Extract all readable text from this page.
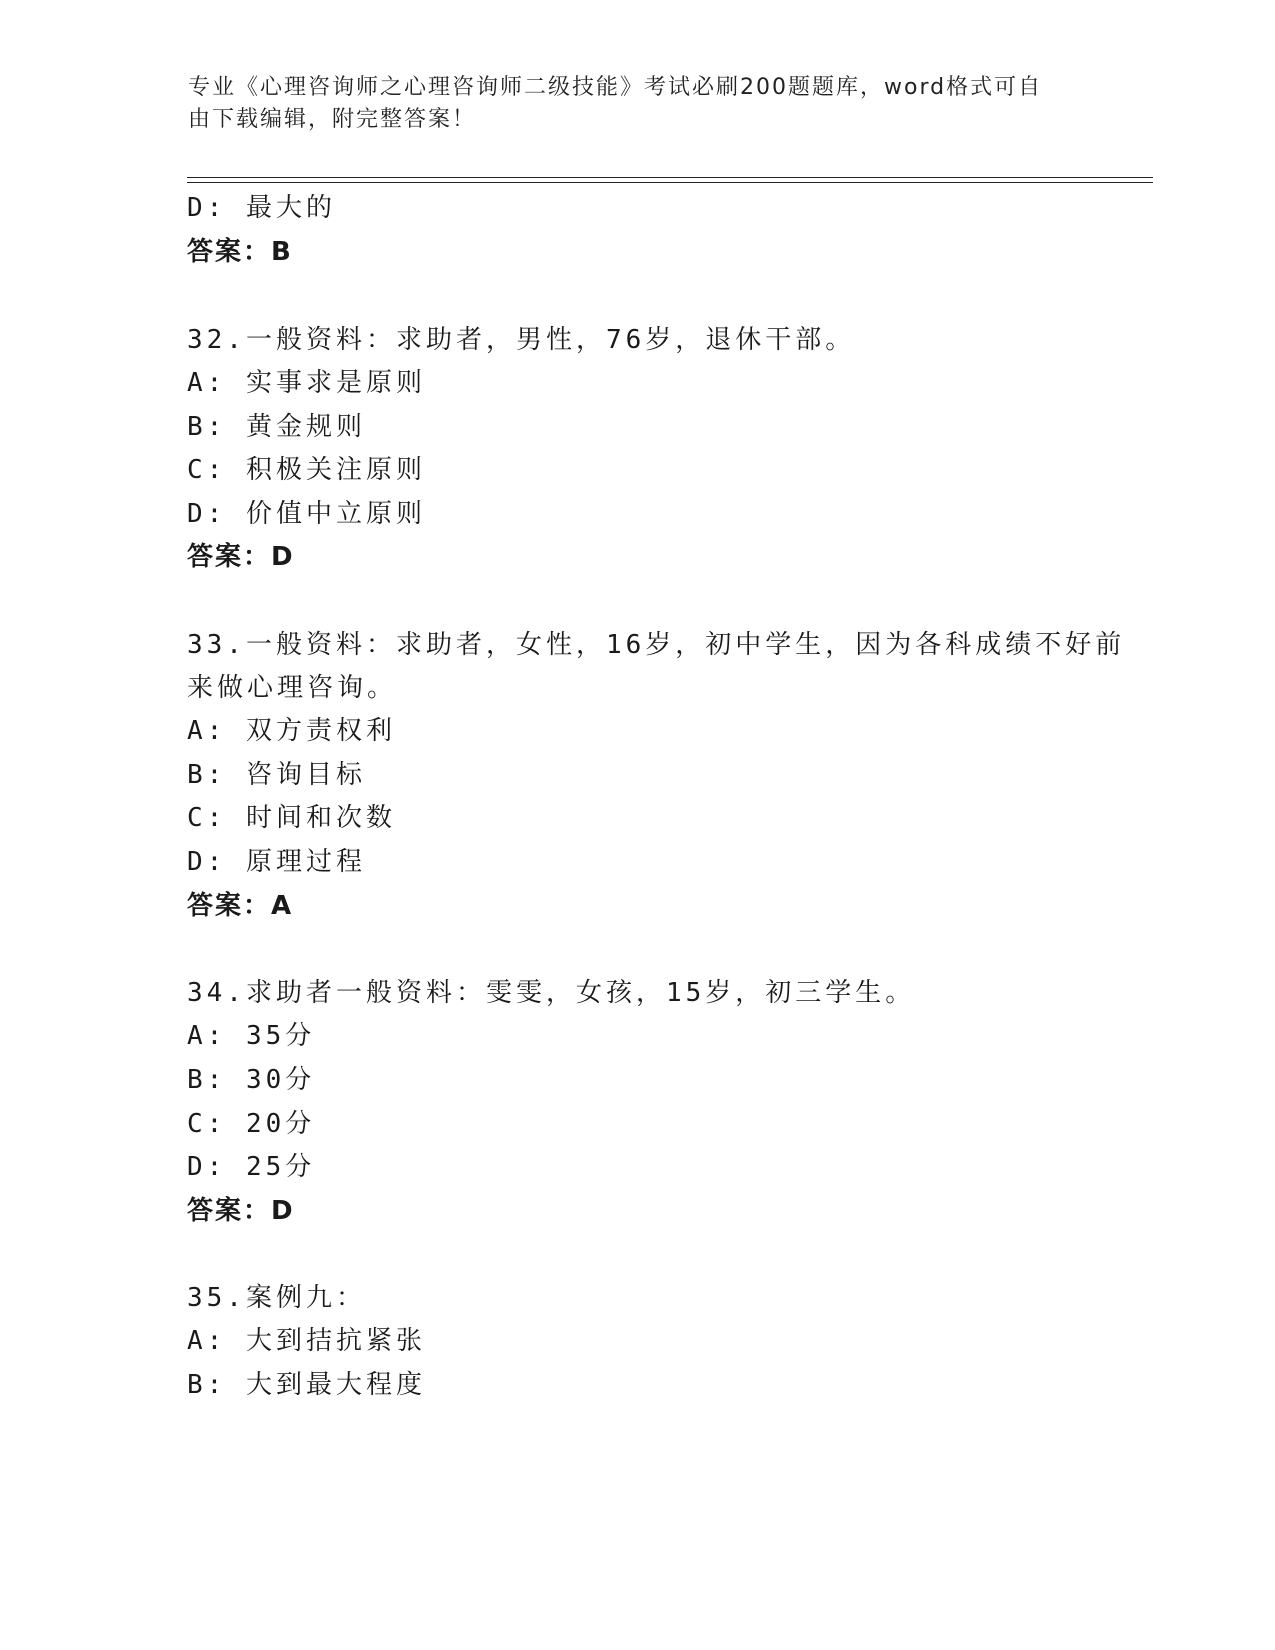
专业《心理咨询师之心理咨询师二级技能》考试必刷200题题库，word格式可自
由下载编辑，附完整答案！
D: 最大的
答案：B
32.一般资料：求助者，男性，76岁，退休干部。
A: 实事求是原则
B: 黄金规则
C: 积极关注原则
D: 价值中立原则
答案：D
33.一般资料：求助者，女性，16岁，初中学生，因为各科成绩不好前
来做心理咨询。
A: 双方责权利
B: 咨询目标
C: 时间和次数
D: 原理过程
答案：A
34.求助者一般资料：雯雯，女孩，15岁，初三学生。
A: 35分
B: 30分
C: 20分
D: 25分
答案：D
35.案例九：
A: 大到拮抗紧张
B: 大到最大程度
